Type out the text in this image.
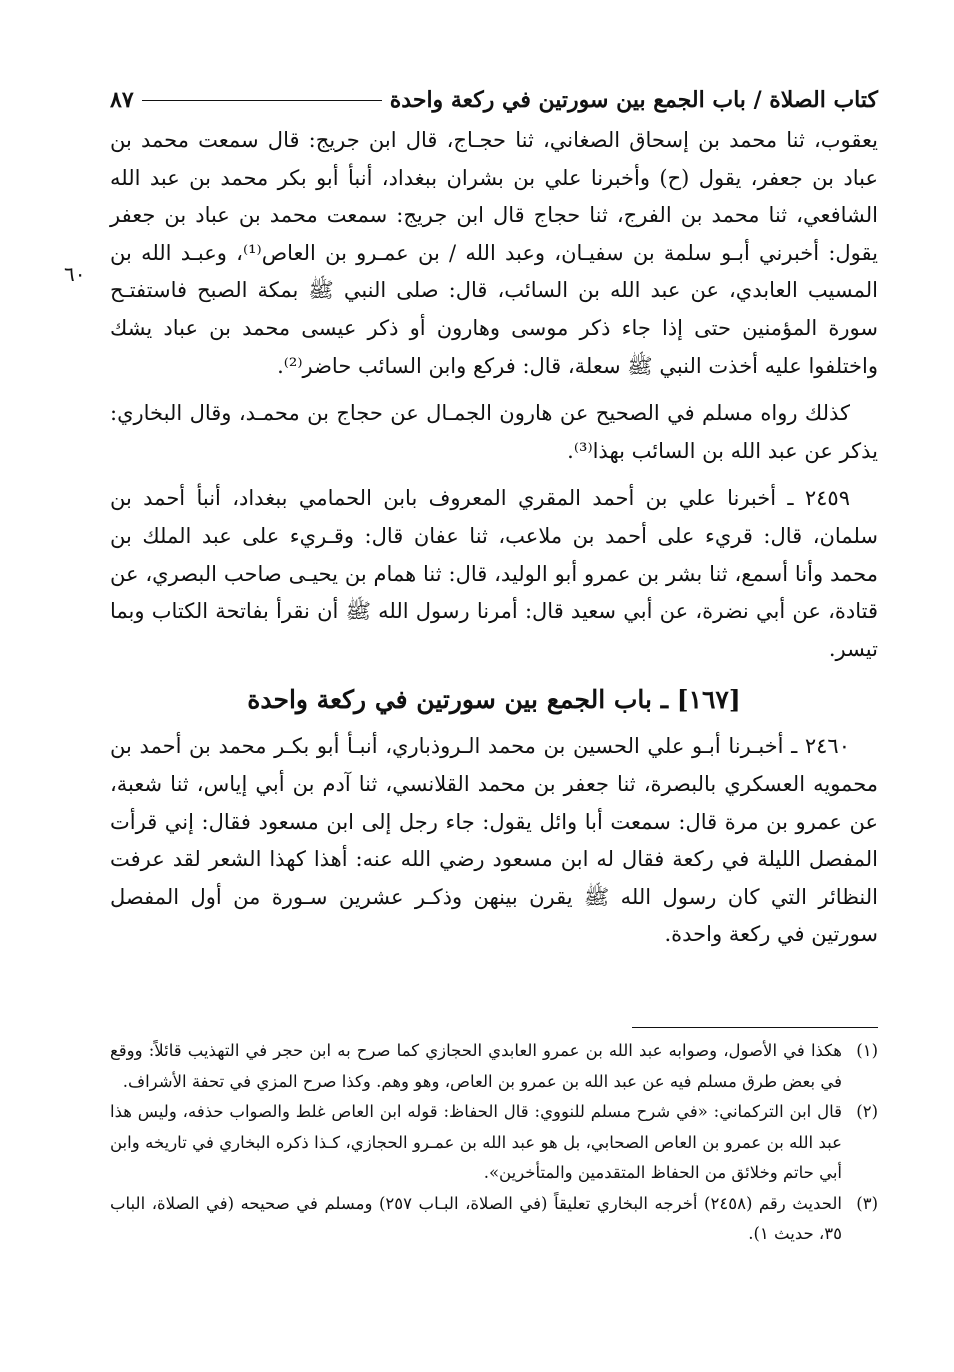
كتاب الصلاة / باب الجمع بين سورتين في ركعة واحدة
٨٧

يعقوب، ثنا محمد بن إسحاق الصغاني، ثنا حجـاج، قال ابن جريج: قال سمعت محمد بن عباد بن جعفر، يقول (ح) وأخبرنا علي بن بشران ببغداد، أنبأ أبو بكر محمد بن عبد الله الشافعي، ثنا محمد بن الفرج، ثنا حجاج قال ابن جريج: سمعت محمد بن عباد بن جعفر يقول: أخبرني أبـو سلمة بن سفيـان، وعبد الله / بن عمـرو بن العاص⁽¹⁾، وعبـد الله بن المسيب العابدي، عن عبد الله بن السائب، قال: صلى النبي ﷺ بمكة الصبح فاستفتـح سورة المؤمنين حتى إذا جاء ذكر موسى وهارون أو ذكر عيسى محمد بن عباد يشك واختلفوا عليه أخذت النبي ﷺ سعلة، قال: فركع وابن السائب حاضر⁽²⁾.

كذلك رواه مسلم في الصحيح عن هارون الجمـال عن حجاج بن محمـد، وقال البخاري: يذكر عن عبد الله بن السائب بهذا⁽³⁾.

٢٤٥٩ ـ أخبرنا علي بن أحمد المقري المعروف بابن الحمامي ببغداد، أنبأ أحمد بن سلمان، قال: قريء على أحمد بن ملاعب، ثنا عفان قال: وقـريء على عبد الملك بن محمد وأنا أسمع، ثنا بشر بن عمرو أبو الوليد، قال: ثنا همام بن يحيـى صاحب البصري، عن قتادة، عن أبي نضرة، عن أبي سعيد قال: أمرنا رسول الله ﷺ أن نقرأ بفاتحة الكتاب وبما تيسر.

[١٦٧] ـ باب الجمع بين سورتين في ركعة واحدة

٢٤٦٠ ـ أخبـرنا أبـو علي الحسين بن محمد الـروذباري، أنبـأ أبو بكـر محمد بن أحمد بن محمويه العسكري بالبصرة، ثنا جعفر بن محمد القلانسي، ثنا آدم بن أبي إياس، ثنا شعبة، عن عمرو بن مرة قال: سمعت أبا وائل يقول: جاء رجل إلى ابن مسعود فقال: إني قرأت المفصل الليلة في ركعة فقال له ابن مسعود رضي الله عنه: أهذا كهذا الشعر لقد عرفت النظائر التي كان رسول الله ﷺ يقرن بينهن وذكـر عشرين سـورة من أول المفصل سورتين في ركعة واحدة.

٦٠
(١)
هكذا في الأصول، وصوابه عبد الله بن عمرو العابدي الحجازي كما صرح به ابن حجر في التهذيب قائلاً: ووقع في بعض طرق مسلم فيه عن عبد الله بن عمرو بن العاص، وهو وهم. وكذا صرح المزي في تحفة الأشراف.
(٢)
قال ابن التركماني: «في شرح مسلم للنووي: قال الحفاظ: قوله ابن العاص غلط والصواب حذفه، وليس هذا عبد الله بن عمرو بن العاص الصحابي، بل هو عبد الله بن عمـرو الحجازي، كـذا ذكره البخاري في تاريخه وابن أبي حاتم وخلائق من الحفاظ المتقدمين والمتأخرين».
(٣)
الحديث رقم (٢٤٥٨) أخرجه البخاري تعليقاً (في الصلاة، البـاب ٢٥٧) ومسلم في صحيحه (في الصلاة، الباب ٣٥، حديث ١).
